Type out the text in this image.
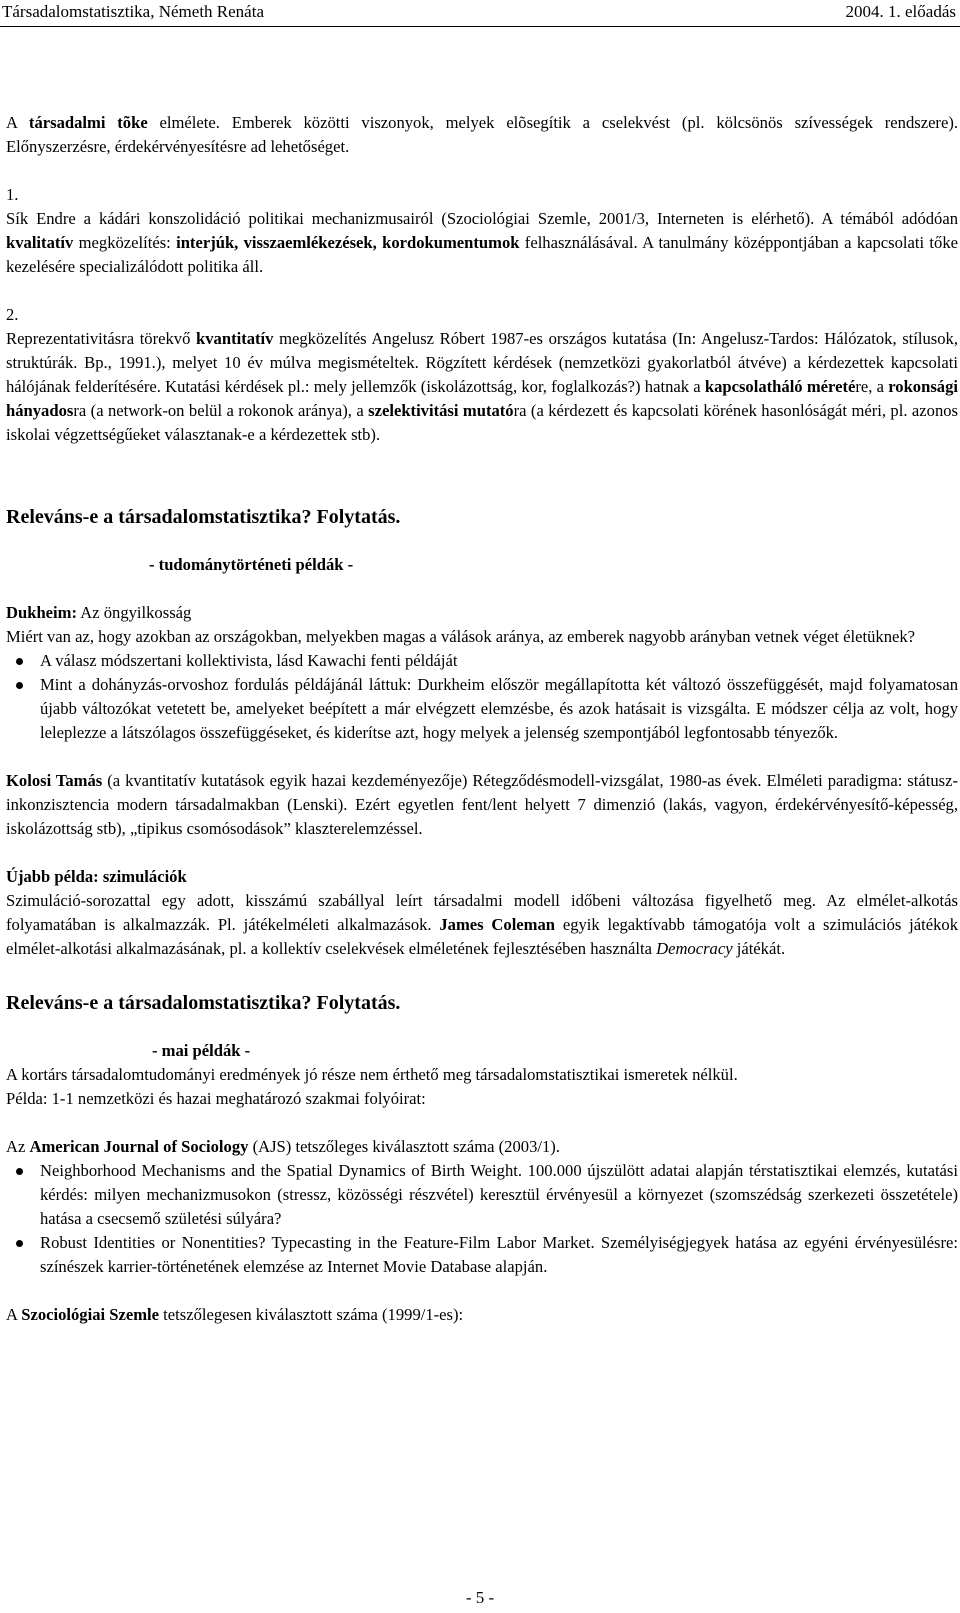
Társadalomstatisztika, Németh Renáta	2004. 1. előadás

A társadalmi tõke elmélete. Emberek közötti viszonyok, melyek elõsegítik a cselekvést (pl. kölcsönös szívességek rendszere). Előnyszerzésre, érdekérvényesítésre ad lehetőséget.

1.

Sík Endre a kádári konszolidáció politikai mechanizmusairól (Szociológiai Szemle, 2001/3, Interneten is elérhető). A témából adódóan kvalitatív megközelítés: interjúk, visszaemlékezések, kordokumentumok felhasználásával. A tanulmány középpontjában a kapcsolati tőke kezelésére specializálódott politika áll.

2.

Reprezentativitásra törekvő kvantitatív megközelítés Angelusz Róbert 1987-es országos kutatása (In: Angelusz-Tardos: Hálózatok, stílusok, struktúrák. Bp., 1991.), melyet 10 év múlva megismételtek. Rögzített kérdések (nemzetközi gyakorlatból átvéve) a kérdezettek kapcsolati hálójának felderítésére. Kutatási kérdések pl.: mely jellemzők (iskolázottság, kor, foglalkozás?) hatnak a kapcsolatháló méretére, a rokonsági hányadosra (a network-on belül a rokonok aránya), a szelektivitási mutatóra (a kérdezett és kapcsolati körének hasonlóságát méri, pl. azonos iskolai végzettségűeket választanak-e a kérdezettek stb).

Releváns-e a társadalomstatisztika? Folytatás.

- tudománytörténeti példák -

Dukheim: Az öngyilkosság

Miért van az, hogy azokban az országokban, melyekben magas a válások aránya, az emberek nagyobb arányban vetnek véget életüknek?

A válasz módszertani kollektivista, lásd Kawachi fenti példáját
Mint a dohányzás-orvoshoz fordulás példájánál láttuk: Durkheim először megállapította két változó összefüggését, majd folyamatosan újabb változókat vetetett be, amelyeket beépített a már elvégzett elemzésbe, és azok hatásait is vizsgálta. E módszer célja az volt, hogy leleplezze a látszólagos összefüggéseket, és kiderítse azt, hogy melyek a jelenség szempontjából legfontosabb tényezők.

Kolosi Tamás (a kvantitatív kutatások egyik hazai kezdeményezője) Rétegződésmodell-vizsgálat, 1980-as évek. Elméleti paradigma: státusz-inkonzisztencia modern társadalmakban (Lenski). Ezért egyetlen fent/lent helyett 7 dimenzió (lakás, vagyon, érdekérvényesítő-képesség, iskolázottság stb), „tipikus csomósodások” klaszterelemzéssel.

Újabb példa: szimulációk

Szimuláció-sorozattal egy adott, kisszámú szabállyal leírt társadalmi modell időbeni változása figyelhető meg. Az elmélet-alkotás folyamatában is alkalmazzák. Pl. játékelméleti alkalmazások. James Coleman egyik legaktívabb támogatója volt a szimulációs játékok elmélet-alkotási alkalmazásának, pl. a kollektív cselekvések elméletének fejlesztésében használta Democracy játékát.

Releváns-e a társadalomstatisztika? Folytatás.

- mai példák -

A kortárs társadalomtudományi eredmények jó része nem érthető meg társadalomstatisztikai ismeretek nélkül.

Példa: 1-1 nemzetközi és hazai meghatározó szakmai folyóirat:

Az American Journal of Sociology (AJS) tetszőleges kiválasztott száma (2003/1).

Neighborhood Mechanisms and the Spatial Dynamics of Birth Weight. 100.000 újszülött adatai alapján térstatisztikai elemzés, kutatási kérdés: milyen mechanizmusokon (stressz, közösségi részvétel) keresztül érvényesül a környezet (szomszédság szerkezeti összetétele) hatása a csecsemő születési súlyára?
Robust Identities or Nonentities? Typecasting in the Feature-Film Labor Market. Személyiségjegyek hatása az egyéni érvényesülésre: színészek karrier-történetének elemzése az Internet Movie Database alapján.

A Szociológiai Szemle tetszőlegesen kiválasztott száma (1999/1-es):

- 5 -
